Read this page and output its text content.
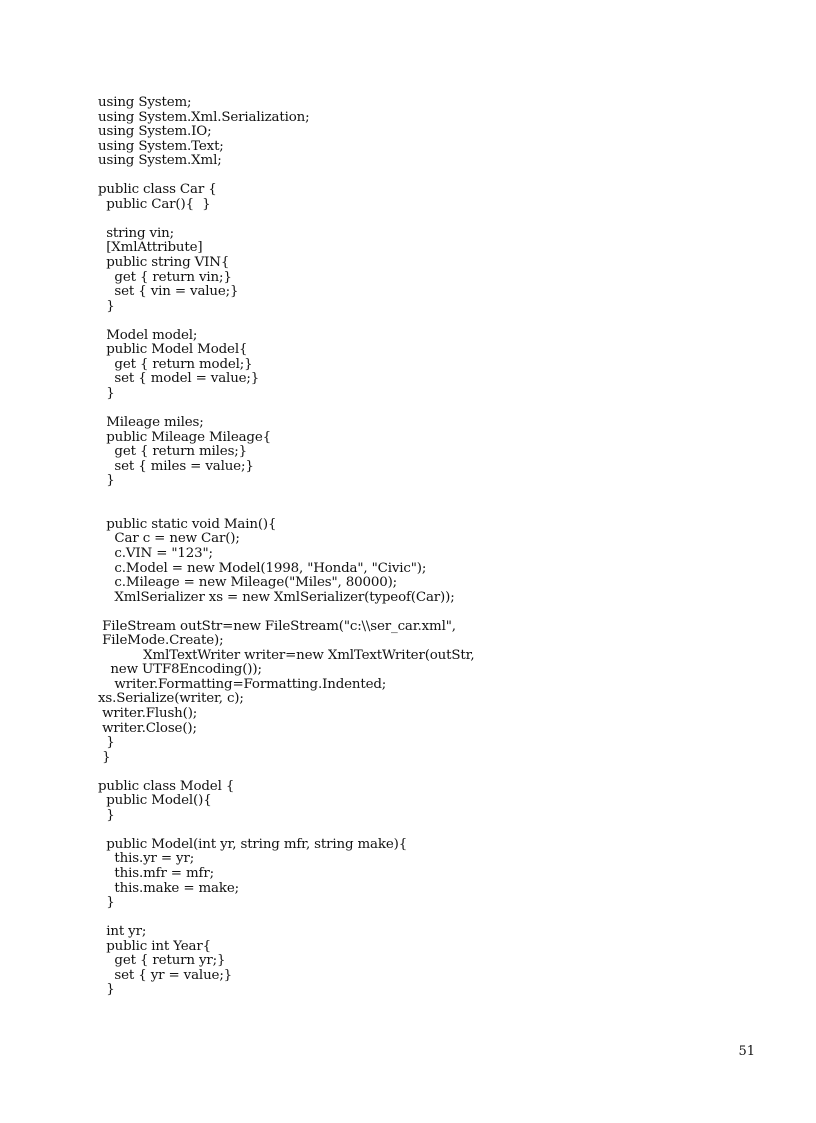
using System;
using System.Xml.Serialization;
using System.IO;
using System.Text;
using System.Xml;
public class Car {
public Car(){  }
string vin;
[XmlAttribute]
public string VIN{
get { return vin;}
set { vin = value;}
}
Model model;
public Model Model{
get { return model;}
set { model = value;}
}
Mileage miles;
public Mileage Mileage{
get { return miles;}
set { miles = value;}
}
public static void Main(){
Car c = new Car();
c.VIN = "123";
c.Model = new Model(1998, "Honda", "Civic");
c.Mileage = new Mileage("Miles", 80000);
XmlSerializer xs = new XmlSerializer(typeof(Car));
FileStream outStr=new FileStream("c:\\ser_car.xml",
FileMode.Create);
XmlTextWriter writer=new XmlTextWriter(outStr,
new UTF8Encoding());
writer.Formatting=Formatting.Indented;
xs.Serialize(writer, c);
writer.Flush();
writer.Close();
}
}
public class Model {
public Model(){
}
public Model(int yr, string mfr, string make){
this.yr = yr;
this.mfr = mfr;
this.make = make;
}
int yr;
public int Year{
get { return yr;}
set { yr = value;}
}
51
